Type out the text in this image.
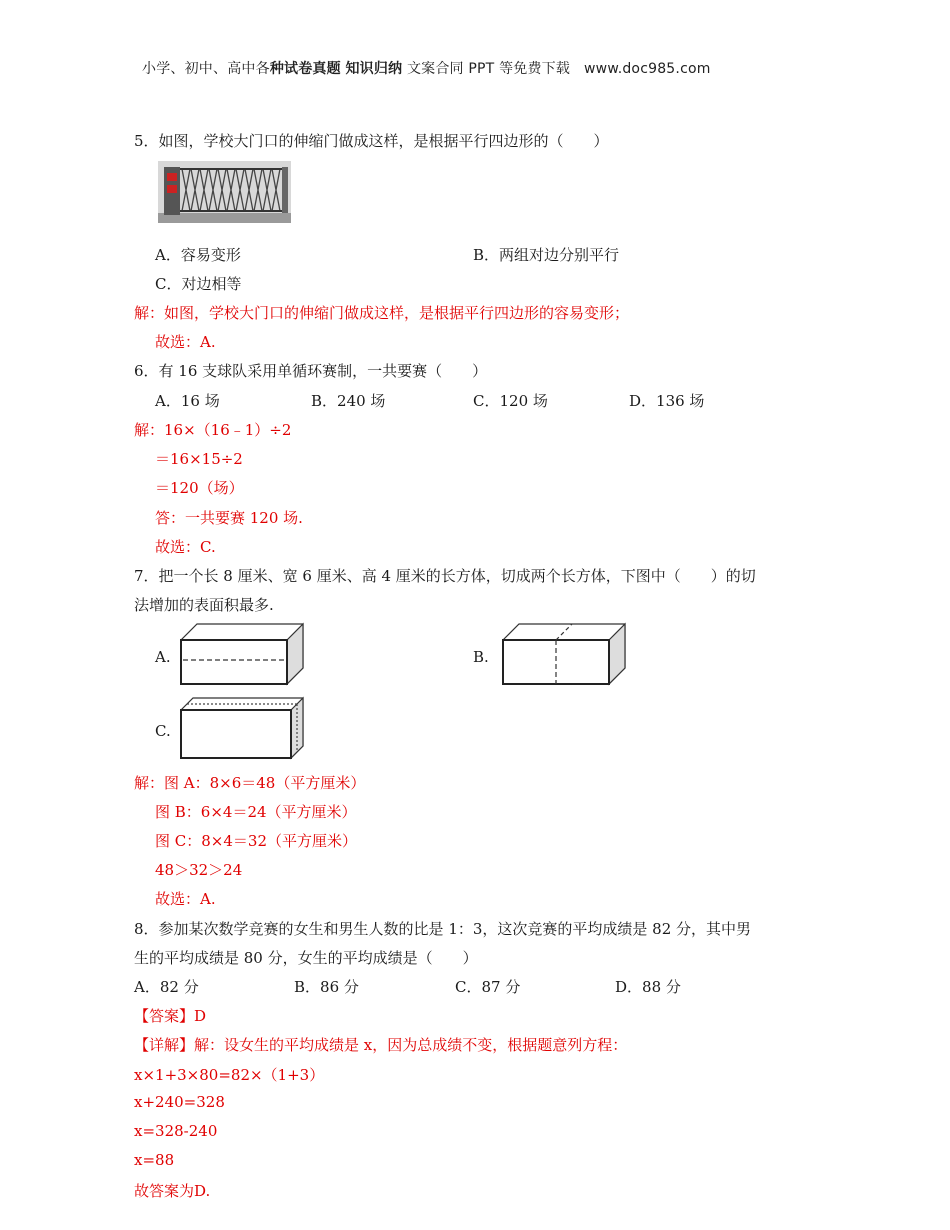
小学、初中、高中各种试卷真题 知识归纳 文案合同 PPT 等免费下载 www.doc985.com
5．如图，学校大门口的伸缩门做成这样，是根据平行四边形的（　　）
A．容易变形	B．两组对边分别平行
C．对边相等
解：如图，学校大门口的伸缩门做成这样，是根据平行四边形的容易变形；
故选：A.
6．有 16 支球队采用单循环赛制，一共要赛（　　）
A．16 场	B．240 场	C．120 场	D．136 场
解：16×（16﹣1）÷2
＝16×15÷2
＝120（场）
答：一共要赛 120 场.
故选：C.
7．把一个长 8 厘米、宽 6 厘米、高 4 厘米的长方体，切成两个长方体，下图中（　　）的切
法增加的表面积最多.
A.	B.
C.
解：图 A：8×6＝48（平方厘米）
图 B：6×4＝24（平方厘米）
图 C：8×4＝32（平方厘米）
48＞32＞24
故选：A.
8．参加某次数学竞赛的女生和男生人数的比是 1：3，这次竞赛的平均成绩是 82 分，其中男
生的平均成绩是 80 分，女生的平均成绩是（　　）
A．82 分	B．86 分	C．87 分	D．88 分
【答案】D
【详解】解：设女生的平均成绩是 x，因为总成绩不变，根据题意列方程：
x×1+3×80=82×（1+3）
x+240=328
x=328-240
x=88
故答案为D.
